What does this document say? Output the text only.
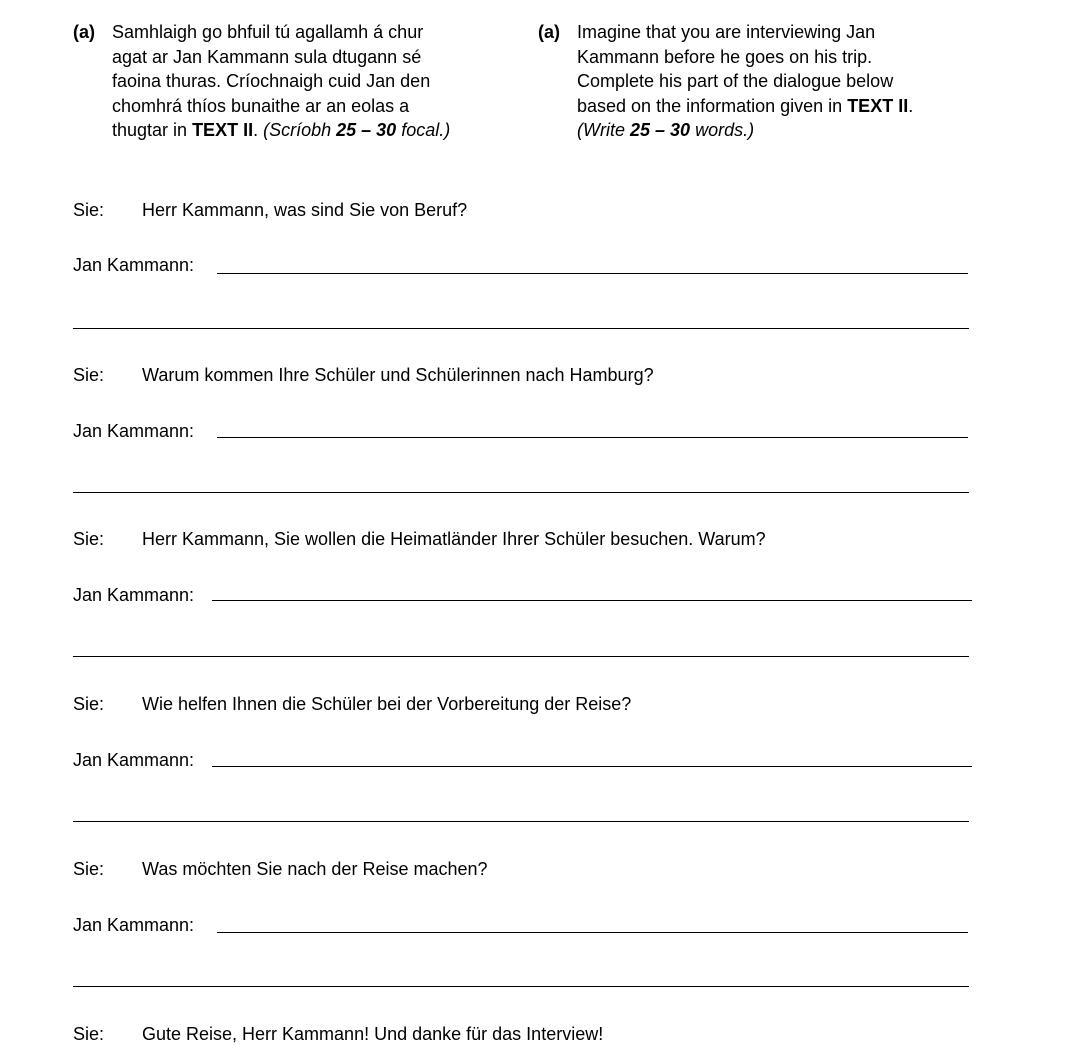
(a) Samhlaigh go bhfuil tú agallamh á chur
agat ar Jan Kammann sula dtugann sé
faoina thuras. Críochnaigh cuid Jan den
chomhrá thíos bunaithe ar an eolas a
thugtar in TEXT II. (Scríobh 25 – 30 focal.)
(a) Imagine that you are interviewing Jan
Kammann before he goes on his trip.
Complete his part of the dialogue below
based on the information given in TEXT II.
(Write 25 – 30 words.)
Sie: Herr Kammann, was sind Sie von Beruf?
Jan Kammann:
Sie: Warum kommen Ihre Schüler und Schülerinnen nach Hamburg?
Jan Kammann:
Sie: Herr Kammann, Sie wollen die Heimatländer Ihrer Schüler besuchen. Warum?
Jan Kammann:
Sie: Wie helfen Ihnen die Schüler bei der Vorbereitung der Reise?
Jan Kammann:
Sie: Was möchten Sie nach der Reise machen?
Jan Kammann:
Sie: Gute Reise, Herr Kammann! Und danke für das Interview!
